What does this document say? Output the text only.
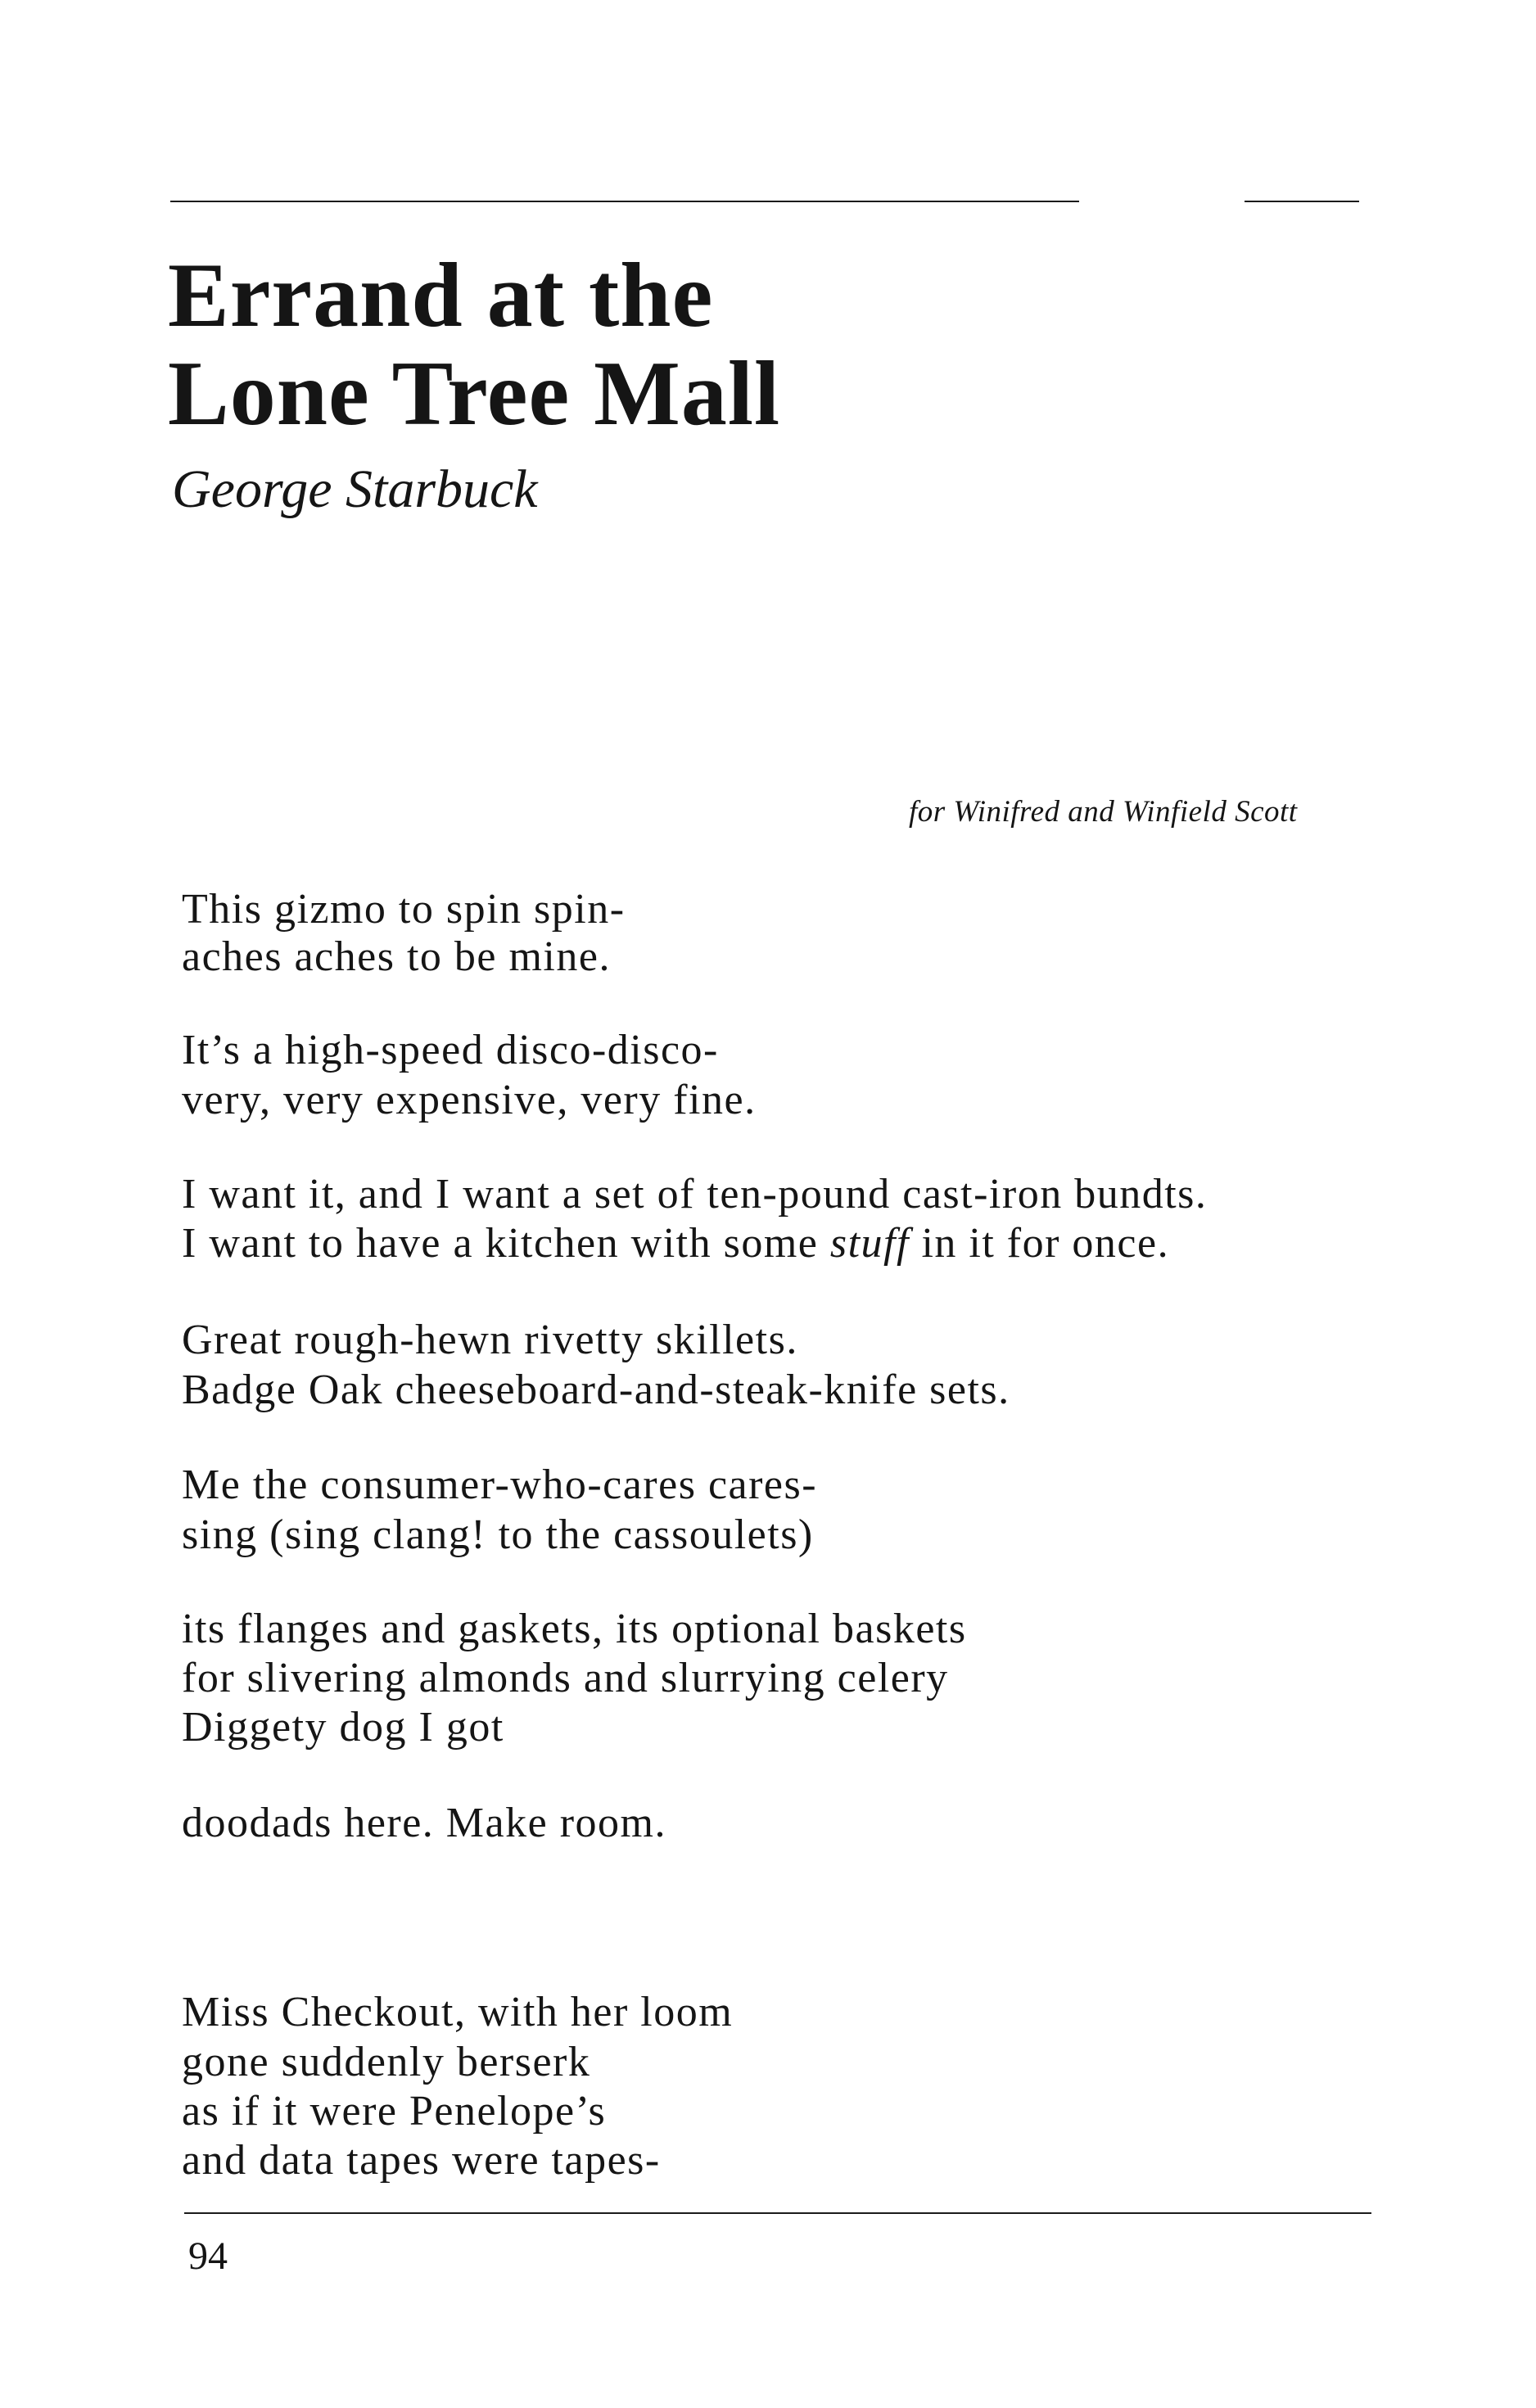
Errand at the
Lone Tree Mall
George Starbuck
for Winifred and Winfield Scott
This gizmo to spin spin-
aches aches to be mine.
It’s a high-speed disco-disco-
very, very expensive, very fine.
I want it, and I want a set of ten-pound cast-iron bundts.
I want to have a kitchen with some stuff in it for once.
Great rough-hewn rivetty skillets.
Badge Oak cheeseboard-and-steak-knife sets.
Me the consumer-who-cares cares-
sing (sing clang! to the cassoulets)
its flanges and gaskets, its optional baskets
for slivering almonds and slurrying celery
Diggety dog I got
doodads here. Make room.
Miss Checkout, with her loom
gone suddenly berserk
as if it were Penelope’s
and data tapes were tapes-
94
